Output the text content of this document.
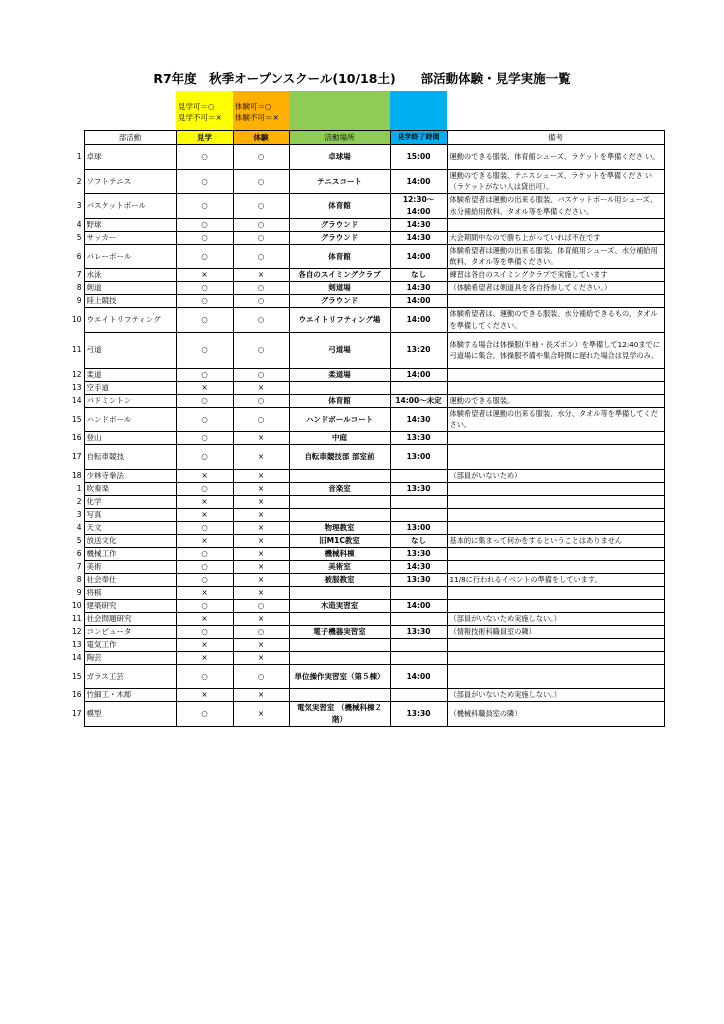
R7年度　秋季オープンスクール(10/18土)　　部活動体験・見学実施一覧
見学可＝○
見学不可＝×
体験可＝○
体験不可＝×
	部活動	見学	体験	活動場所	見学終了時間	備考
1	卓球	○	○	卓球場	15:00	運動のできる服装、体育館シューズ、ラケットを準備くださ い。
2	ソフトテニス	○	○	テニスコート	14:00	運動のできる服装、テニスシューズ、ラケットを準備くださ い（ラケットがない人は貸出可）。
3	バスケットボール	○	○	体育館	12:30～14:00	体験希望者は運動の出来る服装、バスケットボール用シューズ、水分補給用飲料、タオル等を準備ください。
4	野球	○	○	グラウンド	14:30	
5	サッカー	○	○	グラウンド	14:30	大会期間中なので勝ち上がっていれば不在です
6	バレーボール	○	○	体育館	14:00	体験希望者は運動の出来る服装、体育館用シューズ、水分補給用飲料、タオル等を準備ください。
7	水泳	×	×	各自のスイミングクラブ	なし	練習は各自のスイミングクラブで実施しています
8	剣道	○	○	剣道場	14:30	（体験希望者は剣道具を各自持参してください。）
9	陸上競技	○	○	グラウンド	14:00	
10	ウエイトリフティング	○	○	ウエイトリフティング場	14:00	体験希望者は、運動のできる服装、水分補給できるもの、タオルを準備してください。
11	弓道	○	○	弓道場	13:20	体験する場合は体操服(半袖・長ズボン）を準備して12:40までに弓道場に集合。体操服不備や集合時間に遅れた場合は見学のみ。
12	柔道	○	○	柔道場	14:00	
13	空手道	×	×			
14	バドミントン	○	○	体育館	14:00～未定	運動のできる服装。
15	ハンドボール	○	○	ハンドボールコート	14:30	体験希望者は運動の出来る服装、水分、タオル等を準備してください。
16	登山	○	×	中庭	13:30	
17	自転車競技	○	×	自転車競技部 部室前	13:00	
18	少林寺拳法	×	×			（部員がいないため）
1	吹奏楽	○	×	音楽室	13:30	
2	化学	×	×			
3	写真	×	×			
4	天文	○	×	物理教室	13:00	
5	放送文化	×	×	旧M1C教室	なし	基本的に集まって何かをするということはありません
6	機械工作	○	×	機械科棟	13:30	
7	美術	○	×	美術室	14:30	
8	社会奉仕	○	×	被服教室	13:30	11/8に行われるイベントの準備をしています。
9	将棋	×	×			
10	建築研究	○	○	木造実習室	14:00	
11	社会問題研究	×	×			（部員がいないため実施しない。）
12	コンピュータ	○	○	電子機器実習室	13:30	（情報技術科職員室の隣）
13	電気工作	×	×			
14	陶芸	×	×			
15	ガラス工芸	○	○	単位操作実習室（第５棟）	14:00	
16	竹細工・木彫	×	×			（部員がいないため実施しない。）
17	模型	○	×	電気実習室 （機械科棟２階）	13:30	（機械科職員室の隣）
